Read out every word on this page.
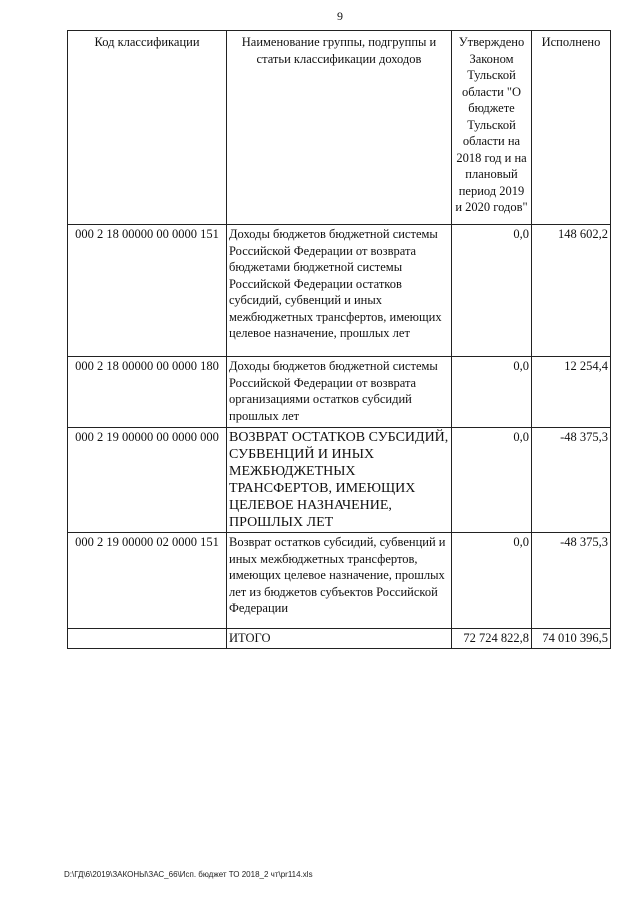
9
Код классификации	Наименование группы, подгруппы и статьи классификации доходов	Утверждено Законом Тульской области "О бюджете Тульской области на 2018 год и на плановый период 2019 и 2020 годов"	Исполнено
000 2 18 00000 00 0000 151	Доходы бюджетов бюджетной системы Российской Федерации от возврата бюджетами бюджетной системы Российской Федерации остатков субсидий, субвенций и иных межбюджетных трансфертов, имеющих целевое назначение, прошлых лет	0,0	148 602,2
000 2 18 00000 00 0000 180	Доходы бюджетов бюджетной системы Российской Федерации от возврата организациями остатков субсидий прошлых лет	0,0	12 254,4
000 2 19 00000 00 0000 000	ВОЗВРАТ ОСТАТКОВ СУБСИДИЙ, СУБВЕНЦИЙ И ИНЫХ МЕЖБЮДЖЕТНЫХ ТРАНСФЕРТОВ, ИМЕЮЩИХ ЦЕЛЕВОЕ НАЗНАЧЕНИЕ, ПРОШЛЫХ ЛЕТ	0,0	-48 375,3
000 2 19 00000 02 0000 151	Возврат остатков субсидий, субвенций и иных межбюджетных трансфертов, имеющих целевое назначение, прошлых лет из бюджетов субъектов Российской Федерации	0,0	-48 375,3
	ИТОГО	72 724 822,8	74 010 396,5
D:\ГД\6\2019\ЗАКОНЫ\ЗАС_66\Исп. бюджет ТО 2018_2 чт\pr114.xls
